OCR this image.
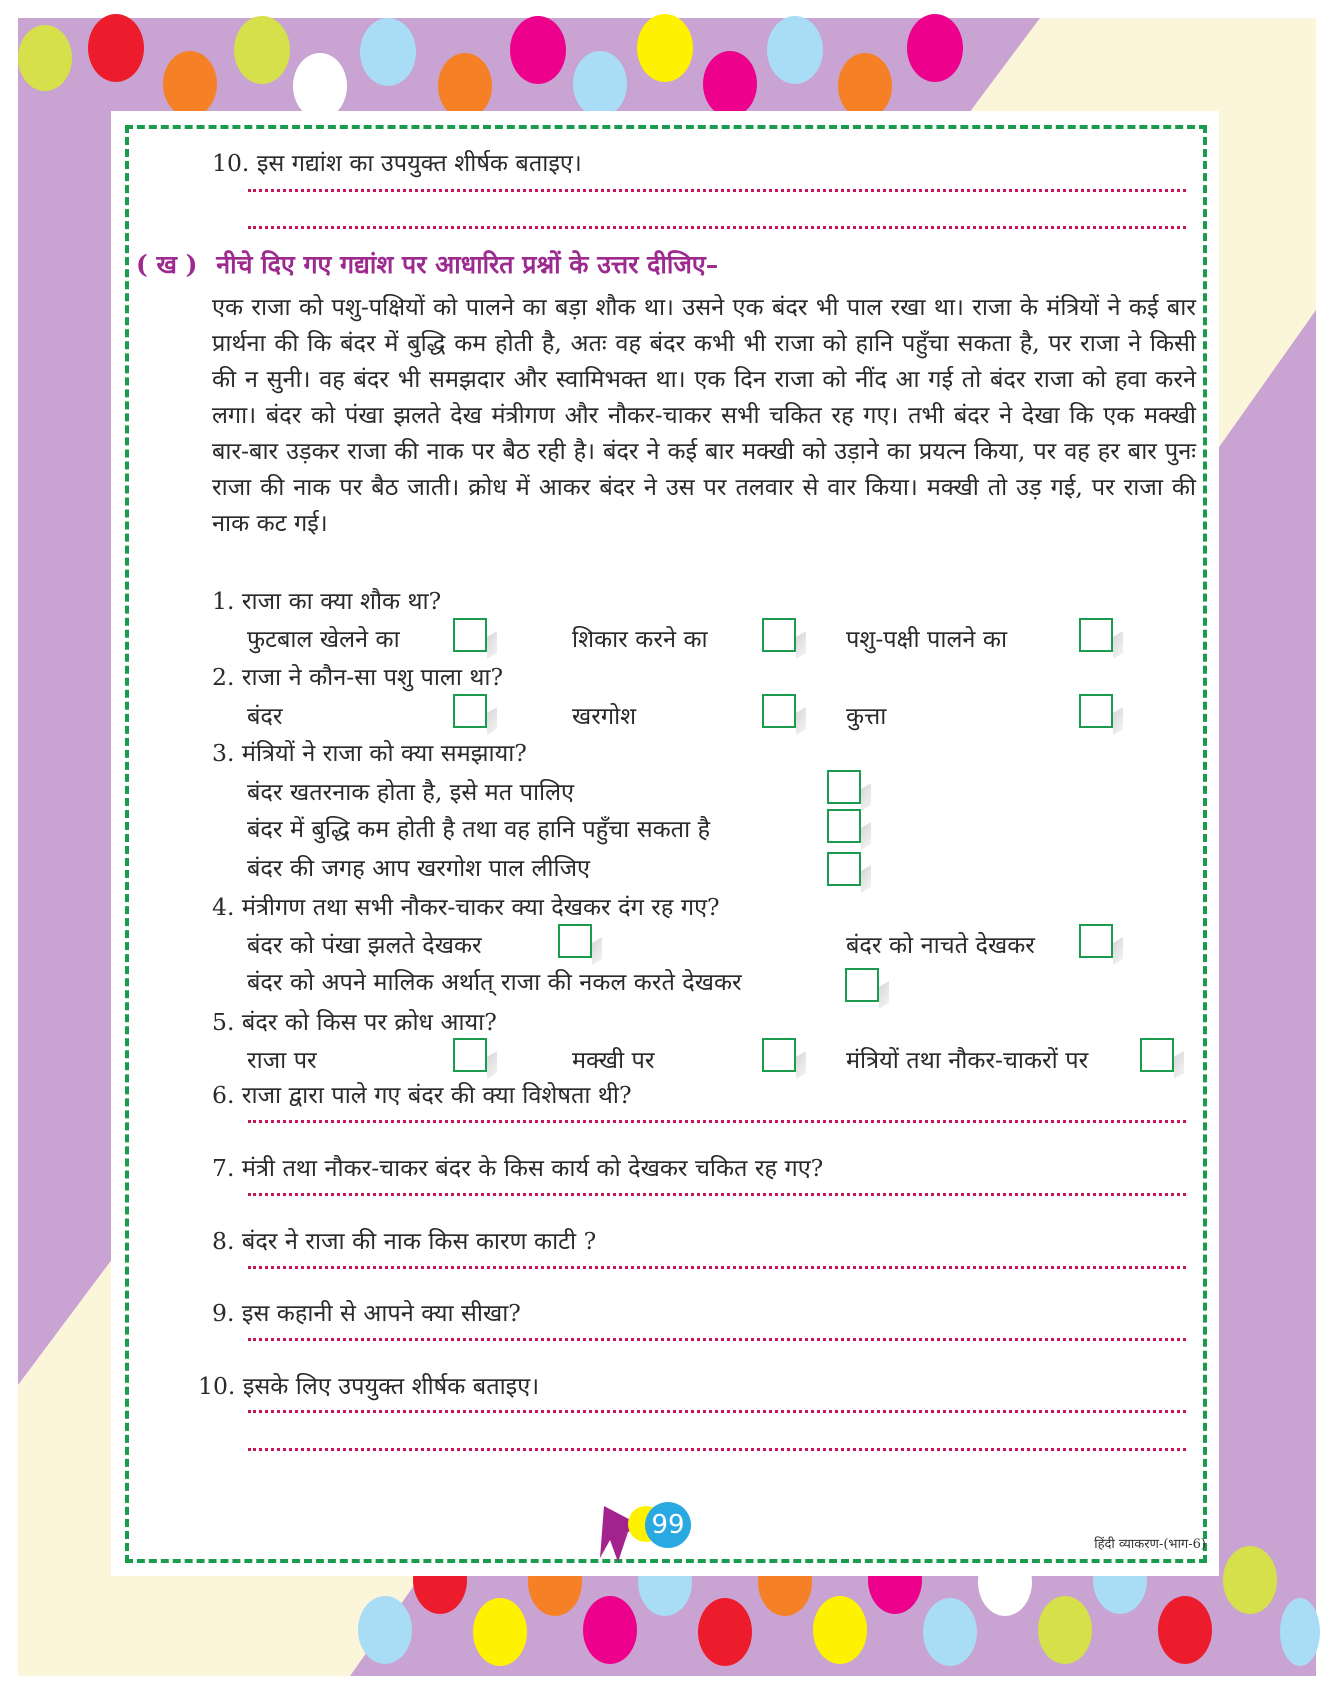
10. इस गद्यांश का उपयुक्त शीर्षक बताइए।
( ख ) नीचे दिए गए गद्यांश पर आधारित प्रश्नों के उत्तर दीजिए–
एक राजा को पशु-पक्षियों को पालने का बड़ा शौक था। उसने एक बंदर भी पाल रखा था। राजा के मंत्रियों ने कई बार प्रार्थना की कि बंदर में बुद्धि कम होती है, अतः वह बंदर कभी भी राजा को हानि पहुँचा सकता है, पर राजा ने किसी की न सुनी। वह बंदर भी समझदार और स्वामिभक्त था। एक दिन राजा को नींद आ गई तो बंदर राजा को हवा करने लगा। बंदर को पंखा झलते देख मंत्रीगण और नौकर-चाकर सभी चकित रह गए। तभी बंदर ने देखा कि एक मक्खी बार-बार उड़कर राजा की नाक पर बैठ रही है। बंदर ने कई बार मक्खी को उड़ाने का प्रयत्न किया, पर वह हर बार पुनः राजा की नाक पर बैठ जाती। क्रोध में आकर बंदर ने उस पर तलवार से वार किया। मक्खी तो उड़ गई, पर राजा की नाक कट गई।
1. राजा का क्या शौक था?
फुटबाल खेलने का	शिकार करने का	पशु-पक्षी पालने का
2. राजा ने कौन-सा पशु पाला था?
बंदर	खरगोश	कुत्ता
3. मंत्रियों ने राजा को क्या समझाया?
बंदर खतरनाक होता है, इसे मत पालिए
बंदर में बुद्धि कम होती है तथा वह हानि पहुँचा सकता है
बंदर की जगह आप खरगोश पाल लीजिए
4. मंत्रीगण तथा सभी नौकर-चाकर क्या देखकर दंग रह गए?
बंदर को पंखा झलते देखकर	बंदर को नाचते देखकर
बंदर को अपने मालिक अर्थात् राजा की नकल करते देखकर
5. बंदर को किस पर क्रोध आया?
राजा पर	मक्खी पर	मंत्रियों तथा नौकर-चाकरों पर
6. राजा द्वारा पाले गए बंदर की क्या विशेषता थी?
7. मंत्री तथा नौकर-चाकर बंदर के किस कार्य को देखकर चकित रह गए?
8. बंदर ने राजा की नाक किस कारण काटी ?
9. इस कहानी से आपने क्या सीखा?
10. इसके लिए उपयुक्त शीर्षक बताइए।
99
हिंदी व्याकरण-(भाग-6)
